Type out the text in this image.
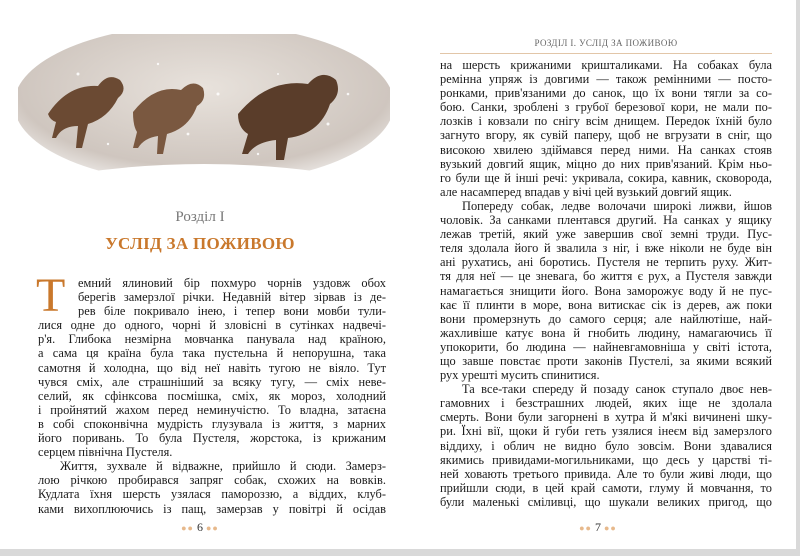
Розділ І
УСЛІД ЗА ПОЖИВОЮ
Т	емний ялиновий бір похмуро чорнів уздовж обох
берегів замерзлої річки. Недавній вітер зірвав із де-
рев біле покривало інею, і тепер вони мовби тули-
лися одне до одного, чорні й зловісні в сутінках надвечі-
р'я. Глибока незмірна мовчанка панувала над країною,
а сама ця країна була така пустельна й непорушна, така
самотня й холодна, що від неї навіть тугою не віяло. Тут
чувся сміх, але страшніший за всяку тугу, — сміх неве-
селий, як сфінксова посмішка, сміх, як мороз, холодний
і пройнятий жахом перед неминучістю. То владна, затаєна
в собі споконвічна мудрість глузувала із життя, з марних
його поривань. То була Пустеля, жорстока, із крижаним
серцем північна Пустеля.
Життя, зухвале й відважне, прийшло й сюди. Замерз-
лою річкою пробирався запряг собак, схожих на вовків.
Кудлата їхня шерсть узялася памороззю, а віддих, клуб-
ками вихоплюючись із пащ, замерзав у повітрі й осідав
●● 6 ●●
РОЗДІЛ І. УСЛІД ЗА ПОЖИВОЮ
на шерсть крижаними кришталиками. На собаках була
ремінна упряж із довгими — також ремінними — посто-
ронками, прив'язаними до санок, що їх вони тягли за со-
бою. Санки, зроблені з грубої березової кори, не мали по-
лозків і ковзали по снігу всім днищем. Передок їхній було
загнуто вгору, як сувій паперу, щоб не вгрузати в сніг, що
високою хвилею здіймався перед ними. На санках стояв
вузький довгий ящик, міцно до них прив'язаний. Крім ньо-
го були ще й інші речі: укривала, сокира, кавник, сковорода,
але насамперед впадав у вічі цей вузький довгий ящик.
Попереду собак, ледве волочачи широкі лижви, йшов
чоловік. За санками плентався другий. На санках у ящику
лежав третій, який уже завершив свої земні труди. Пус-
теля здолала його й звалила з ніг, і вже ніколи не буде він
ані рухатись, ані боротись. Пустеля не терпить руху. Жит-
тя для неї — це зневага, бо життя є рух, а Пустеля завжди
намагається знищити його. Вона заморожує воду й не пус-
кає її плинти в море, вона витискає сік із дерев, аж поки
вони промерзнуть до самого серця; але найлютіше, най-
жахливіше катує вона й гнобить людину, намагаючись її
упокорити, бо людина — найневгамовніша у світі істота,
що завше повстає проти законів Пустелі, за якими всякий
рух урешті мусить спинитися.
Та все-таки спереду й позаду санок ступало двоє нев-
гамовних і безстрашних людей, яких іще не здолала
смерть. Вони були загорнені в хутра й м'які вичинені шку-
ри. Їхні вії, щоки й губи геть узялися інеєм від замерзлого
віддиху, і облич не видно було зовсім. Вони здавалися
якимись привидами-могильниками, що десь у царстві ті-
ней ховають третього привида. Але то були живі люди, що
прийшли сюди, в цей край самоти, глуму й мовчання, то
були маленькі сміливці, що шукали великих пригод, що
●● 7 ●●
